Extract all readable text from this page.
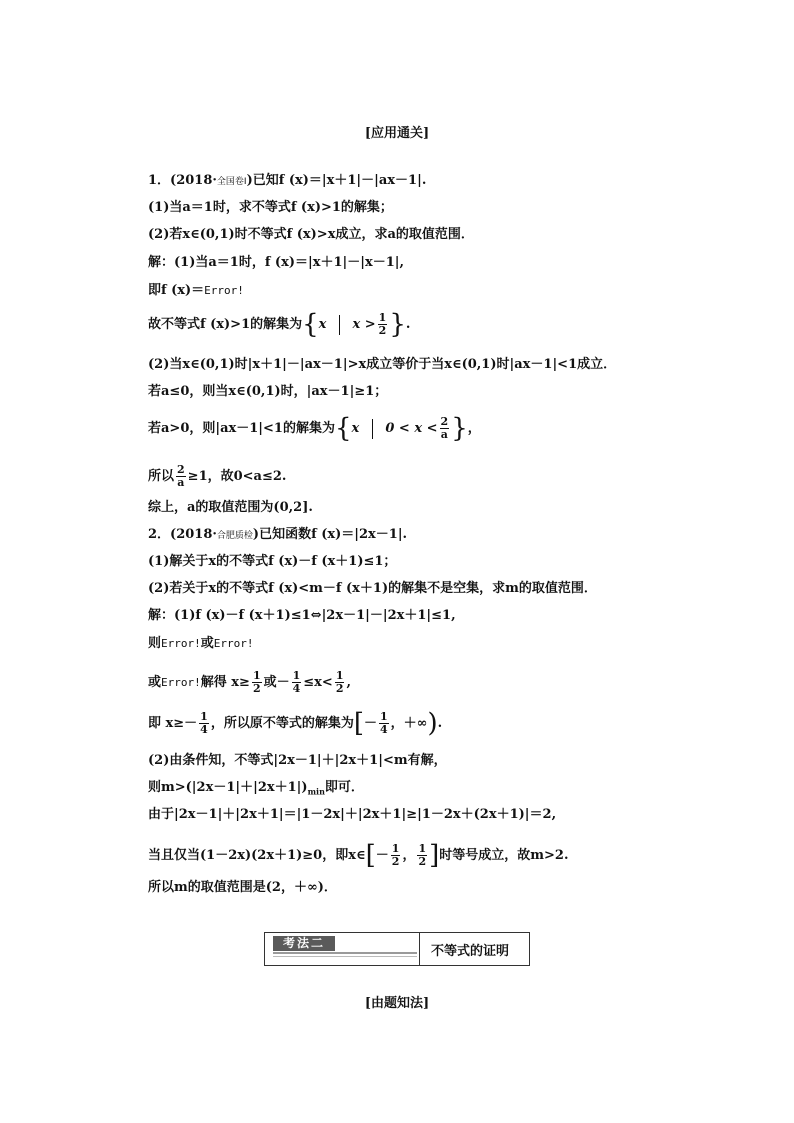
[应用通关]
1．(2018·全国卷Ⅰ)已知f (x)＝|x＋1|－|ax－1|.
(1)当a＝1时，求不等式f (x)>1的解集；
(2)若x∈(0,1)时不等式f (x)>x成立，求a的取值范围．
解：(1)当a＝1时，f (x)＝|x＋1|－|x－1|,
即f (x)＝Error!
故不等式f (x)>1的解集为{x $x > \frac{1}{2}$ }.
(2)当x∈(0,1)时|x＋1|－|ax－1|>x成立等价于当x∈(0,1)时|ax－1|<1成立．
若a≤0，则当x∈(0,1)时，|ax－1|≥1；
若a>0，则|ax－1|<1的解集为{x $0 < x < \frac{2}{a}$ }，
所以 $\frac{2}{a} \ge 1$，故0<a≤2.
综上，a的取值范围为(0,2].
2．(2018·合肥质检)已知函数f (x)＝|2x－1|.
(1)解关于x的不等式f (x)－f (x＋1)≤1；
(2)若关于x的不等式f (x)<m－f (x＋1)的解集不是空集，求m的取值范围．
解：(1)f (x)－f (x＋1)≤1⇔|2x－1|－|2x＋1|≤1,
则Error!或Error!
或Error!解得 $x\ge \frac{1}{2}$ 或－ $\frac{1}{4} \le x< \frac{1}{2}$ ,
即 $x\ge- \frac{1}{4}$ ，所以原不等式的解集为[－ $\frac{1}{4}$ ，＋∞).
(2)由条件知，不等式|2x－1|＋|2x＋1|<m有解，
则$m>(|2x-1|+|2x+1|)_{min}$即可．
由于|2x－1|＋|2x＋1|＝|1－2x|＋|2x＋1|≥|1－2x＋(2x＋1)|＝2,
当且仅当(1－2x)(2x＋1)≥0，即x∈[－ $\frac{1}{2}$ ， $\frac{1}{2}$ ]时等号成立，故m>2.
所以m的取值范围是(2，＋∞)．
考法二
不等式的证明
[由题知法]
